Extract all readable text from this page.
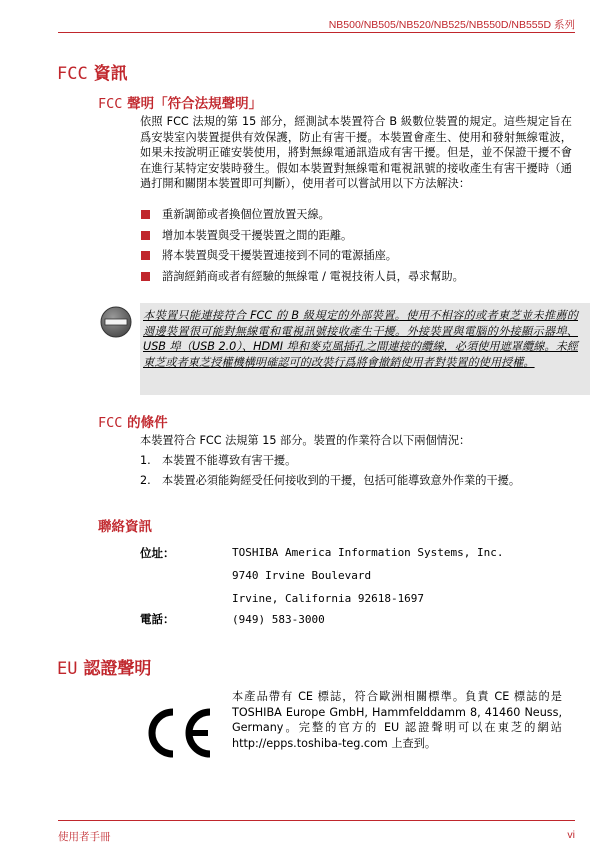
NB500/NB505/NB520/NB525/NB550D/NB555D 系列
FCC 資訊
FCC 聲明「符合法規聲明」
依照 FCC 法規的第 15 部分，經測試本裝置符合 B 級數位裝置的規定。這些規定旨在爲安裝室內裝置提供有效保護，防止有害干擾。本裝置會產生、使用和發射無線電波，如果未按說明正確安裝使用，將對無線電通訊造成有害干擾。但是，並不保證干擾不會在進行某特定安裝時發生。假如本裝置對無線電和電視訊號的接收產生有害干擾時（通過打開和關閉本裝置即可判斷），使用者可以嘗試用以下方法解決：
重新調節或者換個位置放置天線。
增加本裝置與受干擾裝置之間的距離。
將本裝置與受干擾裝置連接到不同的電源插座。
諮詢經銷商或者有經驗的無線電 / 電視技術人員，尋求幫助。
本裝置只能連接符合 FCC 的 B 級規定的外部裝置。使用不相容的或者東芝並未推薦的週邊裝置很可能對無線電和電視訊號接收產生干擾。外接裝置與電腦的外接顯示器埠、USB 埠（USB 2.0）、HDMI 埠和麥克風插孔之間連接的纜線，必須使用遮罩纜線。未經東芝或者東芝授權機構明確認可的改裝行爲將會撤銷使用者對裝置的使用授權。
FCC 的條件
本裝置符合 FCC 法規第 15 部分。裝置的作業符合以下兩個情況：
1. 本裝置不能導致有害干擾。
2. 本裝置必須能夠經受任何接收到的干擾，包括可能導致意外作業的干擾。
聯絡資訊
位址：	TOSHIBA America Information Systems, Inc.
9740 Irvine Boulevard
Irvine, California 92618-1697
電話：	(949) 583-3000
EU 認證聲明
本產品帶有 CE 標誌，符合歐洲相關標準。負責 CE 標誌的是 TOSHIBA Europe GmbH, Hammfelddamm 8, 41460 Neuss, Germany。完整的官方的 EU 認證聲明可以在東芝的網站 http://epps.toshiba-teg.com 上查到。
使用者手冊	vi
